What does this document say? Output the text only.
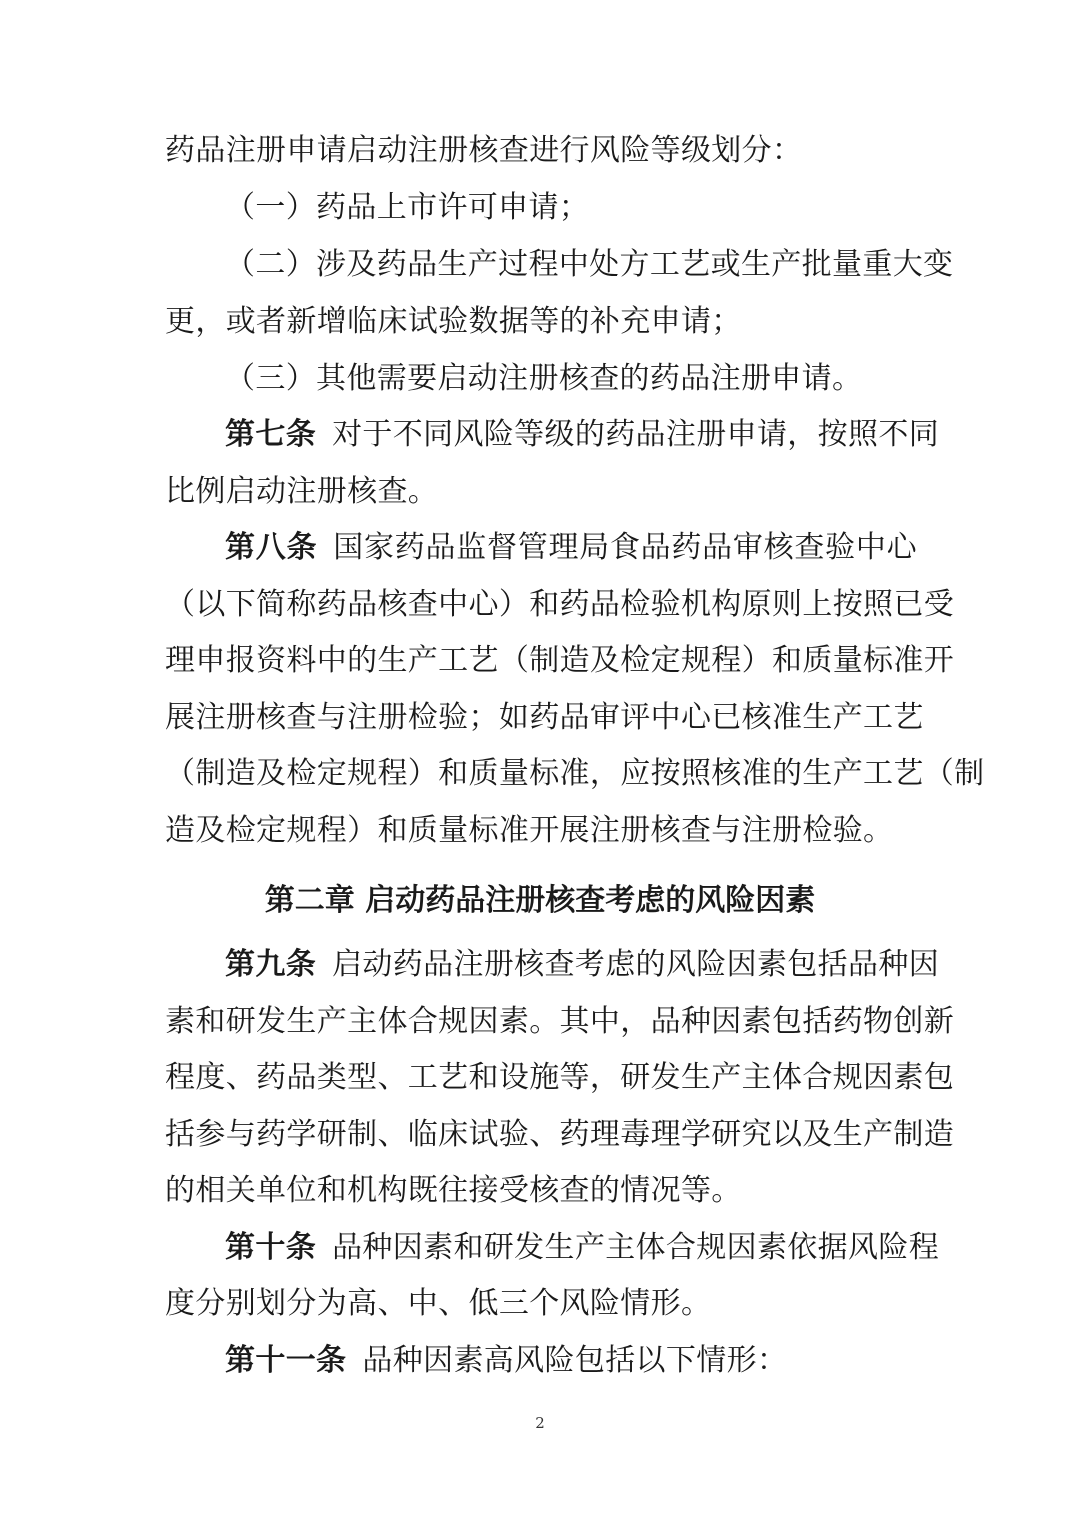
药品注册申请启动注册核查进行风险等级划分：
（一）药品上市许可申请；
（二）涉及药品生产过程中处方工艺或生产批量重大变
更，或者新增临床试验数据等的补充申请；
（三）其他需要启动注册核查的药品注册申请。
第七条 对于不同风险等级的药品注册申请，按照不同
比例启动注册核查。
第八条 国家药品监督管理局食品药品审核查验中心
（以下简称药品核查中心）和药品检验机构原则上按照已受
理申报资料中的生产工艺（制造及检定规程）和质量标准开
展注册核查与注册检验；如药品审评中心已核准生产工艺
（制造及检定规程）和质量标准，应按照核准的生产工艺（制
造及检定规程）和质量标准开展注册核查与注册检验。
第二章 启动药品注册核查考虑的风险因素
第九条 启动药品注册核查考虑的风险因素包括品种因
素和研发生产主体合规因素。其中，品种因素包括药物创新
程度、药品类型、工艺和设施等，研发生产主体合规因素包
括参与药学研制、临床试验、药理毒理学研究以及生产制造
的相关单位和机构既往接受核查的情况等。
第十条 品种因素和研发生产主体合规因素依据风险程
度分别划分为高、中、低三个风险情形。
第十一条 品种因素高风险包括以下情形：
2
